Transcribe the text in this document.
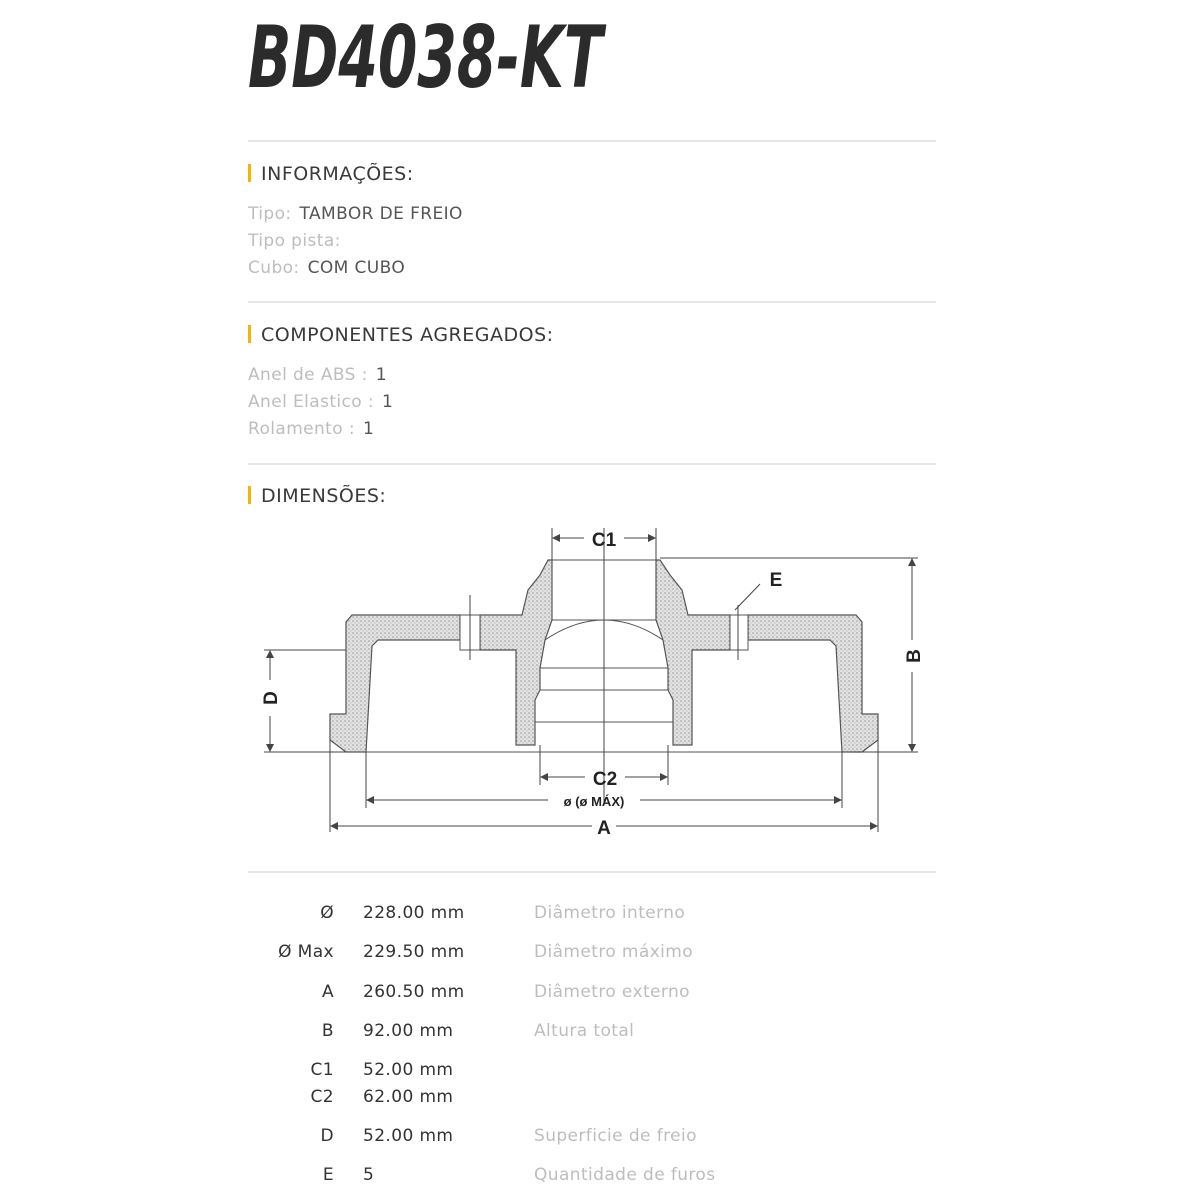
BD4038-KT
INFORMAÇÕES:
Tipo: TAMBOR DE FREIO
Tipo pista:
Cubo: COM CUBO
COMPONENTES AGREGADOS:
Anel de ABS : 1
Anel Elastico : 1
Rolamento : 1
DIMENSÕES:
C1
C2
E
ø (ø MÁX)
A
B
D
Ø 228.00 mm	Diâmetro interno
Ø Max 229.50 mm	Diâmetro máximo
A 260.50 mm	Diâmetro externo
B 92.00 mm	Altura total
C1 52.00 mm
C2 62.00 mm
D 52.00 mm	Superficie de freio
E 5	Quantidade de furos
